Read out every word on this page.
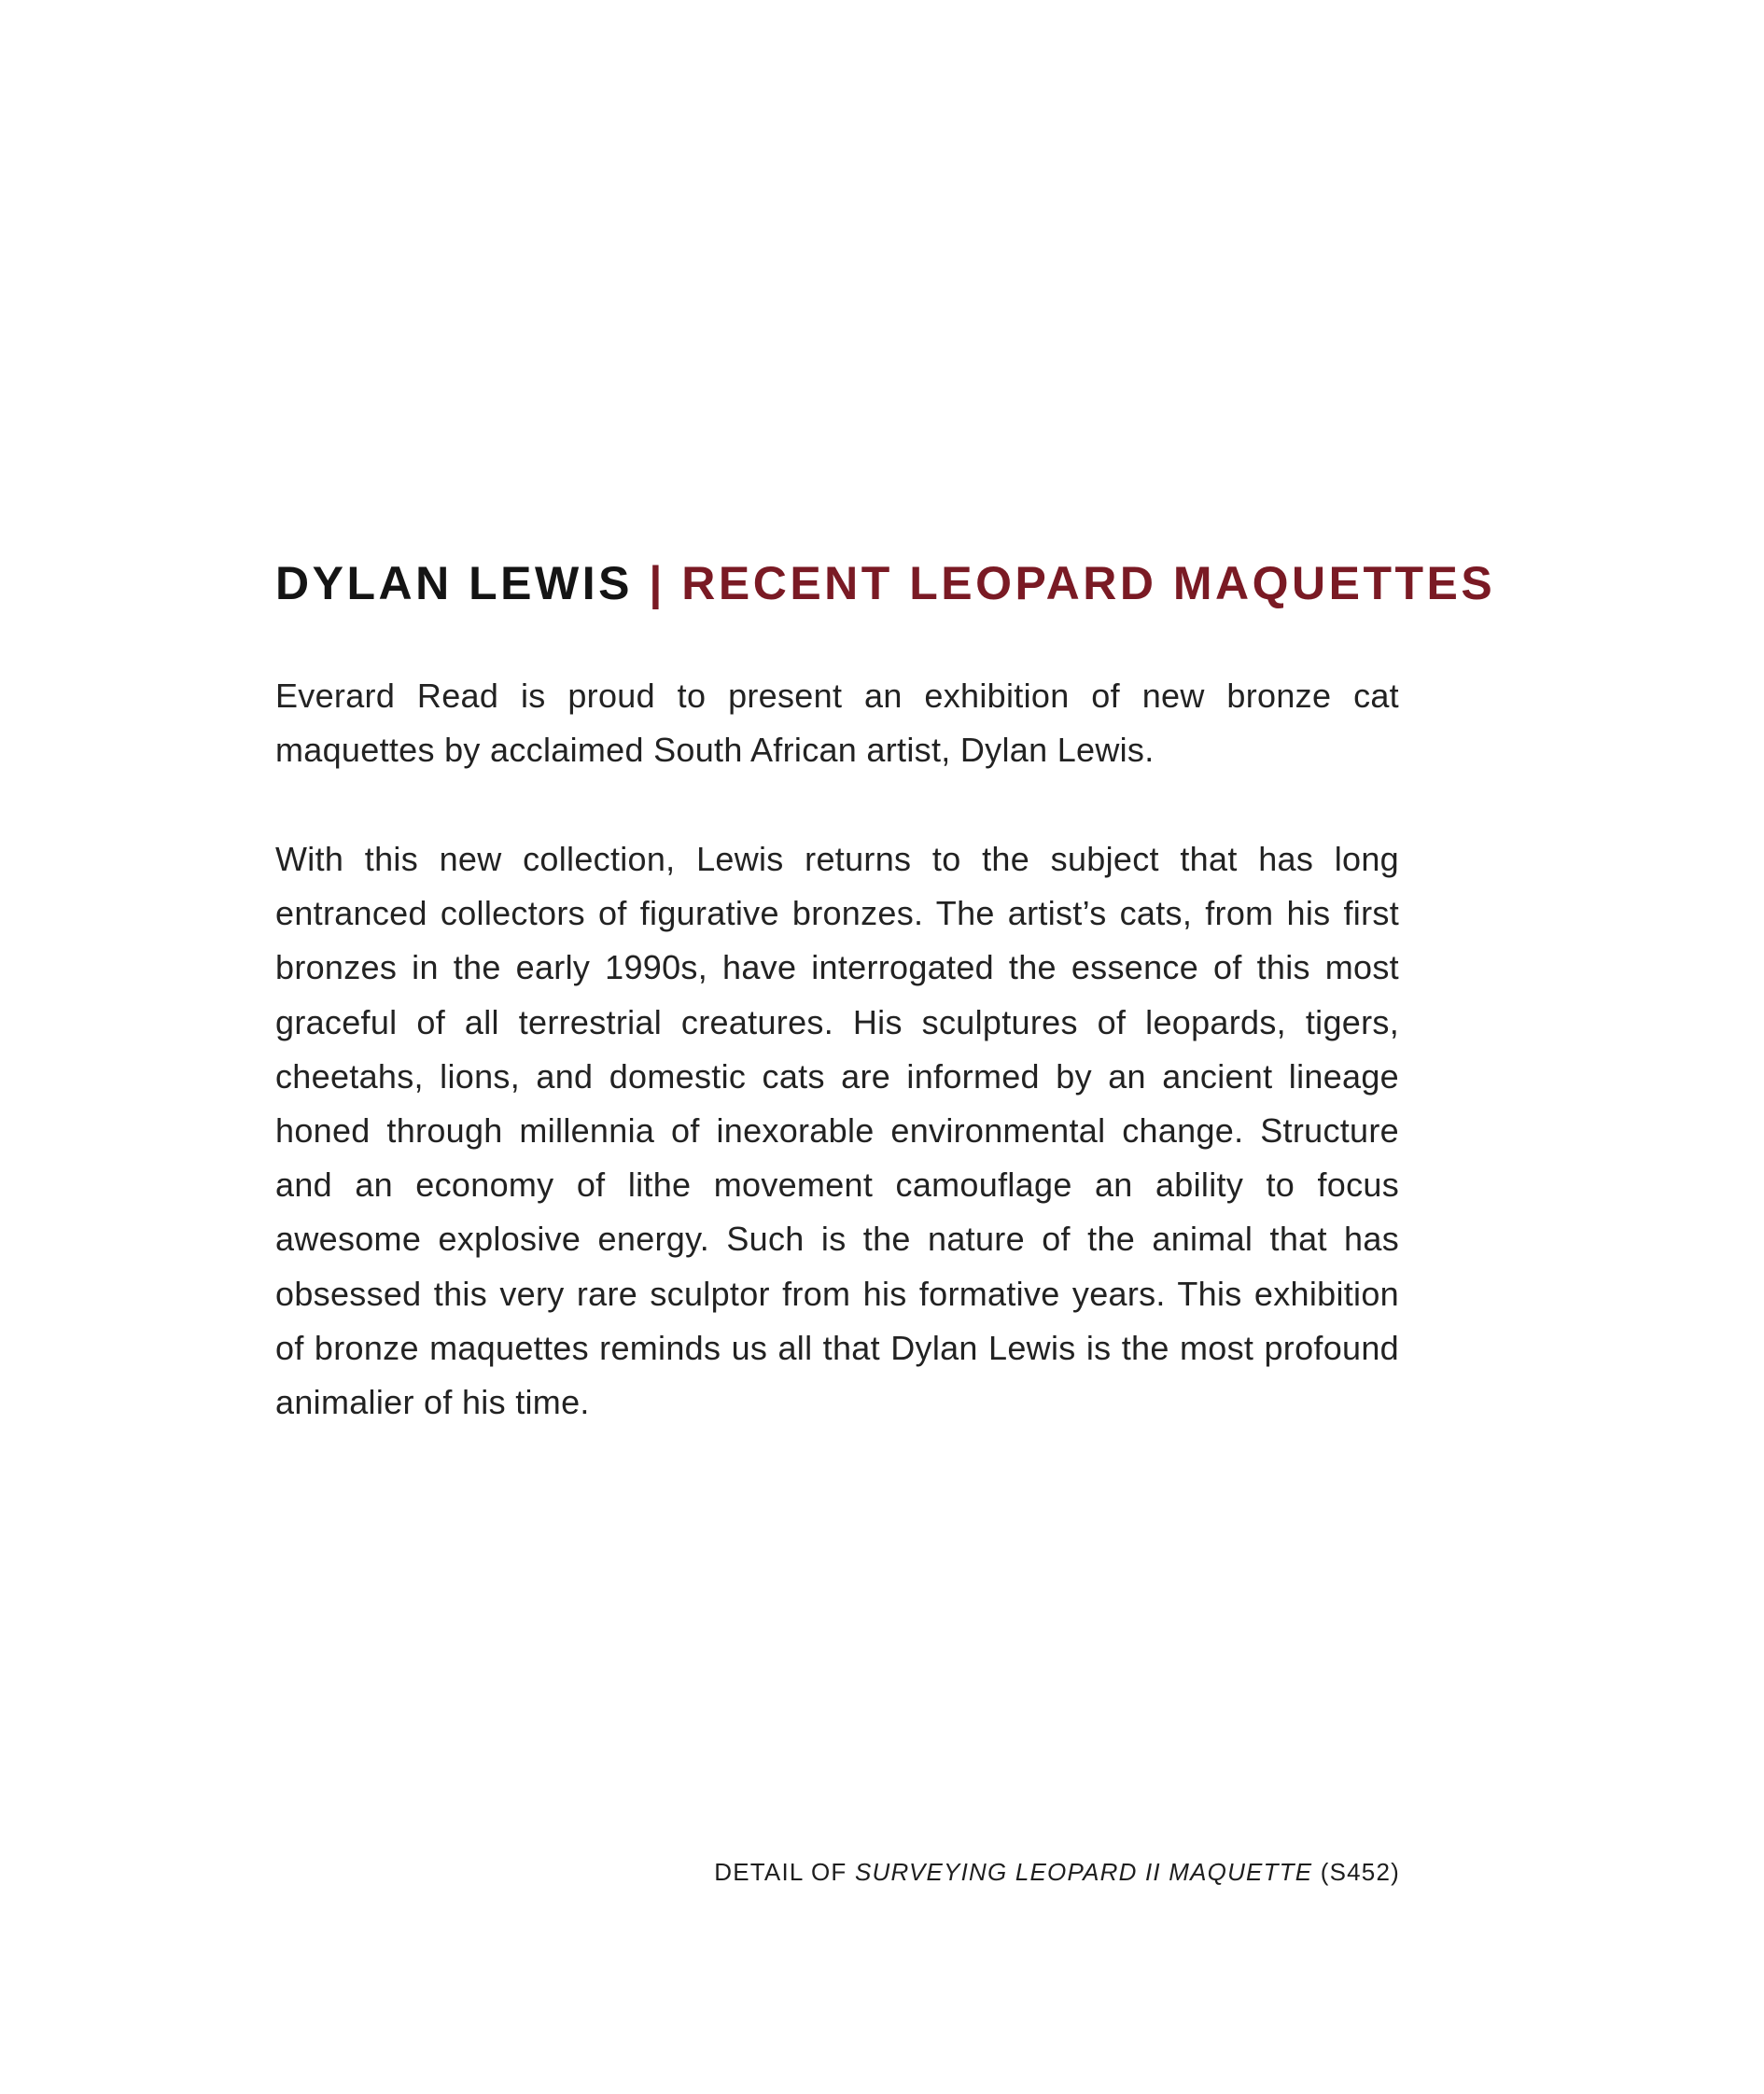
DYLAN LEWIS | RECENT LEOPARD MAQUETTES

Everard Read is proud to present an exhibition of new bronze cat maquettes by acclaimed South African artist, Dylan Lewis.

With this new collection, Lewis returns to the subject that has long entranced collectors of figurative bronzes. The artist’s cats, from his first bronzes in the early 1990s, have interrogated the essence of this most graceful of all terrestrial creatures. His sculptures of leopards, tigers, cheetahs, lions, and domestic cats are informed by an ancient lineage honed through millennia of inexorable environmental change. Structure and an economy of lithe movement camouflage an ability to focus awesome explosive energy. Such is the nature of the animal that has obsessed this very rare sculptor from his formative years. This exhibition of bronze maquettes reminds us all that Dylan Lewis is the most profound animalier of his time.

DETAIL OF SURVEYING LEOPARD II MAQUETTE (S452)
